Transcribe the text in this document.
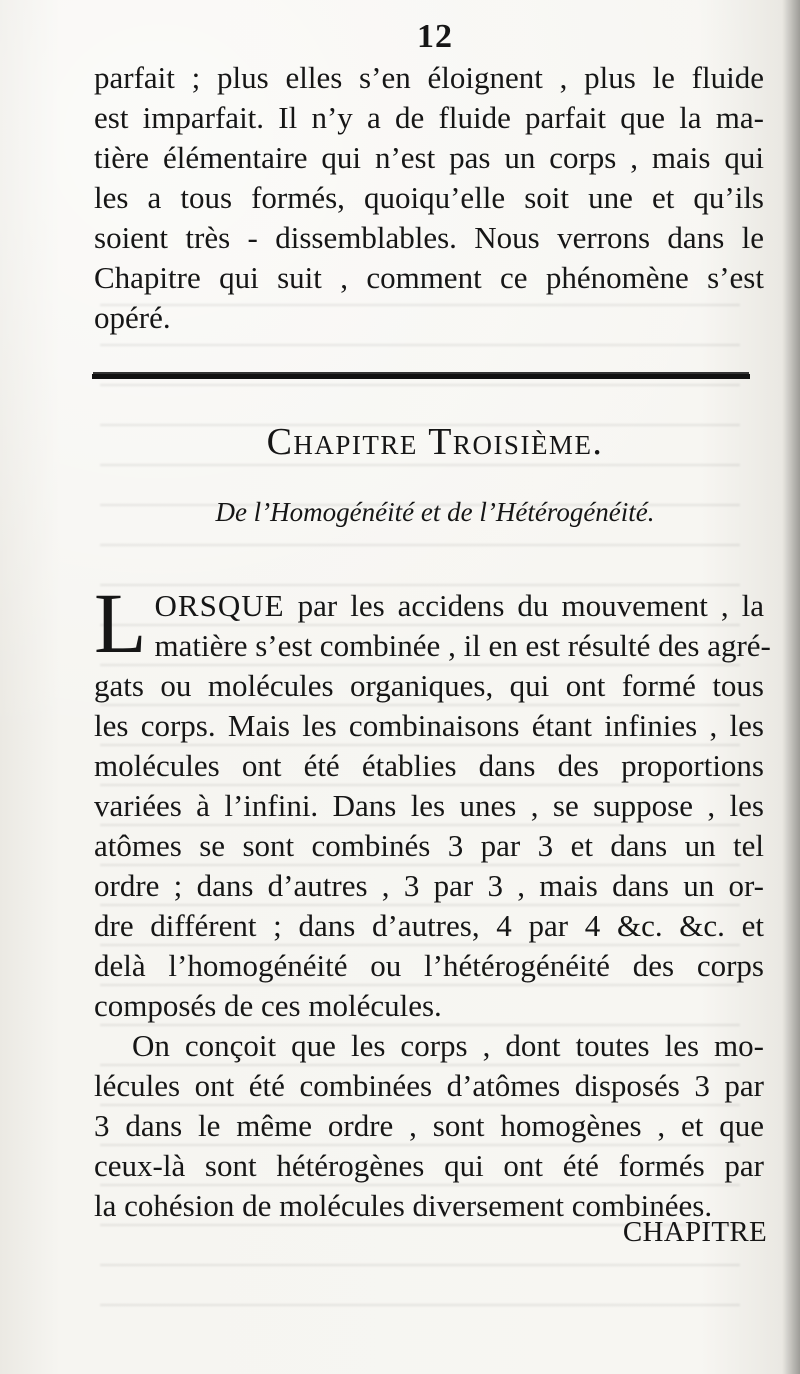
12
parfait ; plus elles s’en éloignent , plus le fluide
est imparfait. Il n’y a de fluide parfait que la ma-
tière élémentaire qui n’est pas un corps , mais qui
les a tous formés, quoiqu’elle soit une et qu’ils
soient très - dissemblables. Nous verrons dans le
Chapitre qui suit , comment ce phénomène s’est
opéré.
Chapitre Troisième.
De l’Homogénéité et de l’Hétérogénéité.
L ORSQUE par les accidens du mouvement , la
matière s’est combinée , il en est résulté des agré-
gats ou molécules organiques, qui ont formé tous
les corps. Mais les combinaisons étant infinies , les
molécules ont été établies dans des proportions
variées à l’infini. Dans les unes , se suppose , les
atômes se sont combinés 3 par 3 et dans un tel
ordre ; dans d’autres , 3 par 3 , mais dans un or-
dre différent ; dans d’autres, 4 par 4 &c. &c. et
delà l’homogénéité ou l’hétérogénéité des corps
composés de ces molécules.
On conçoit que les corps , dont toutes les mo-
lécules ont été combinées d’atômes disposés 3 par
3 dans le même ordre , sont homogènes , et que
ceux-là sont hétérogènes qui ont été formés par
la cohésion de molécules diversement combinées.
CHAPITRE
